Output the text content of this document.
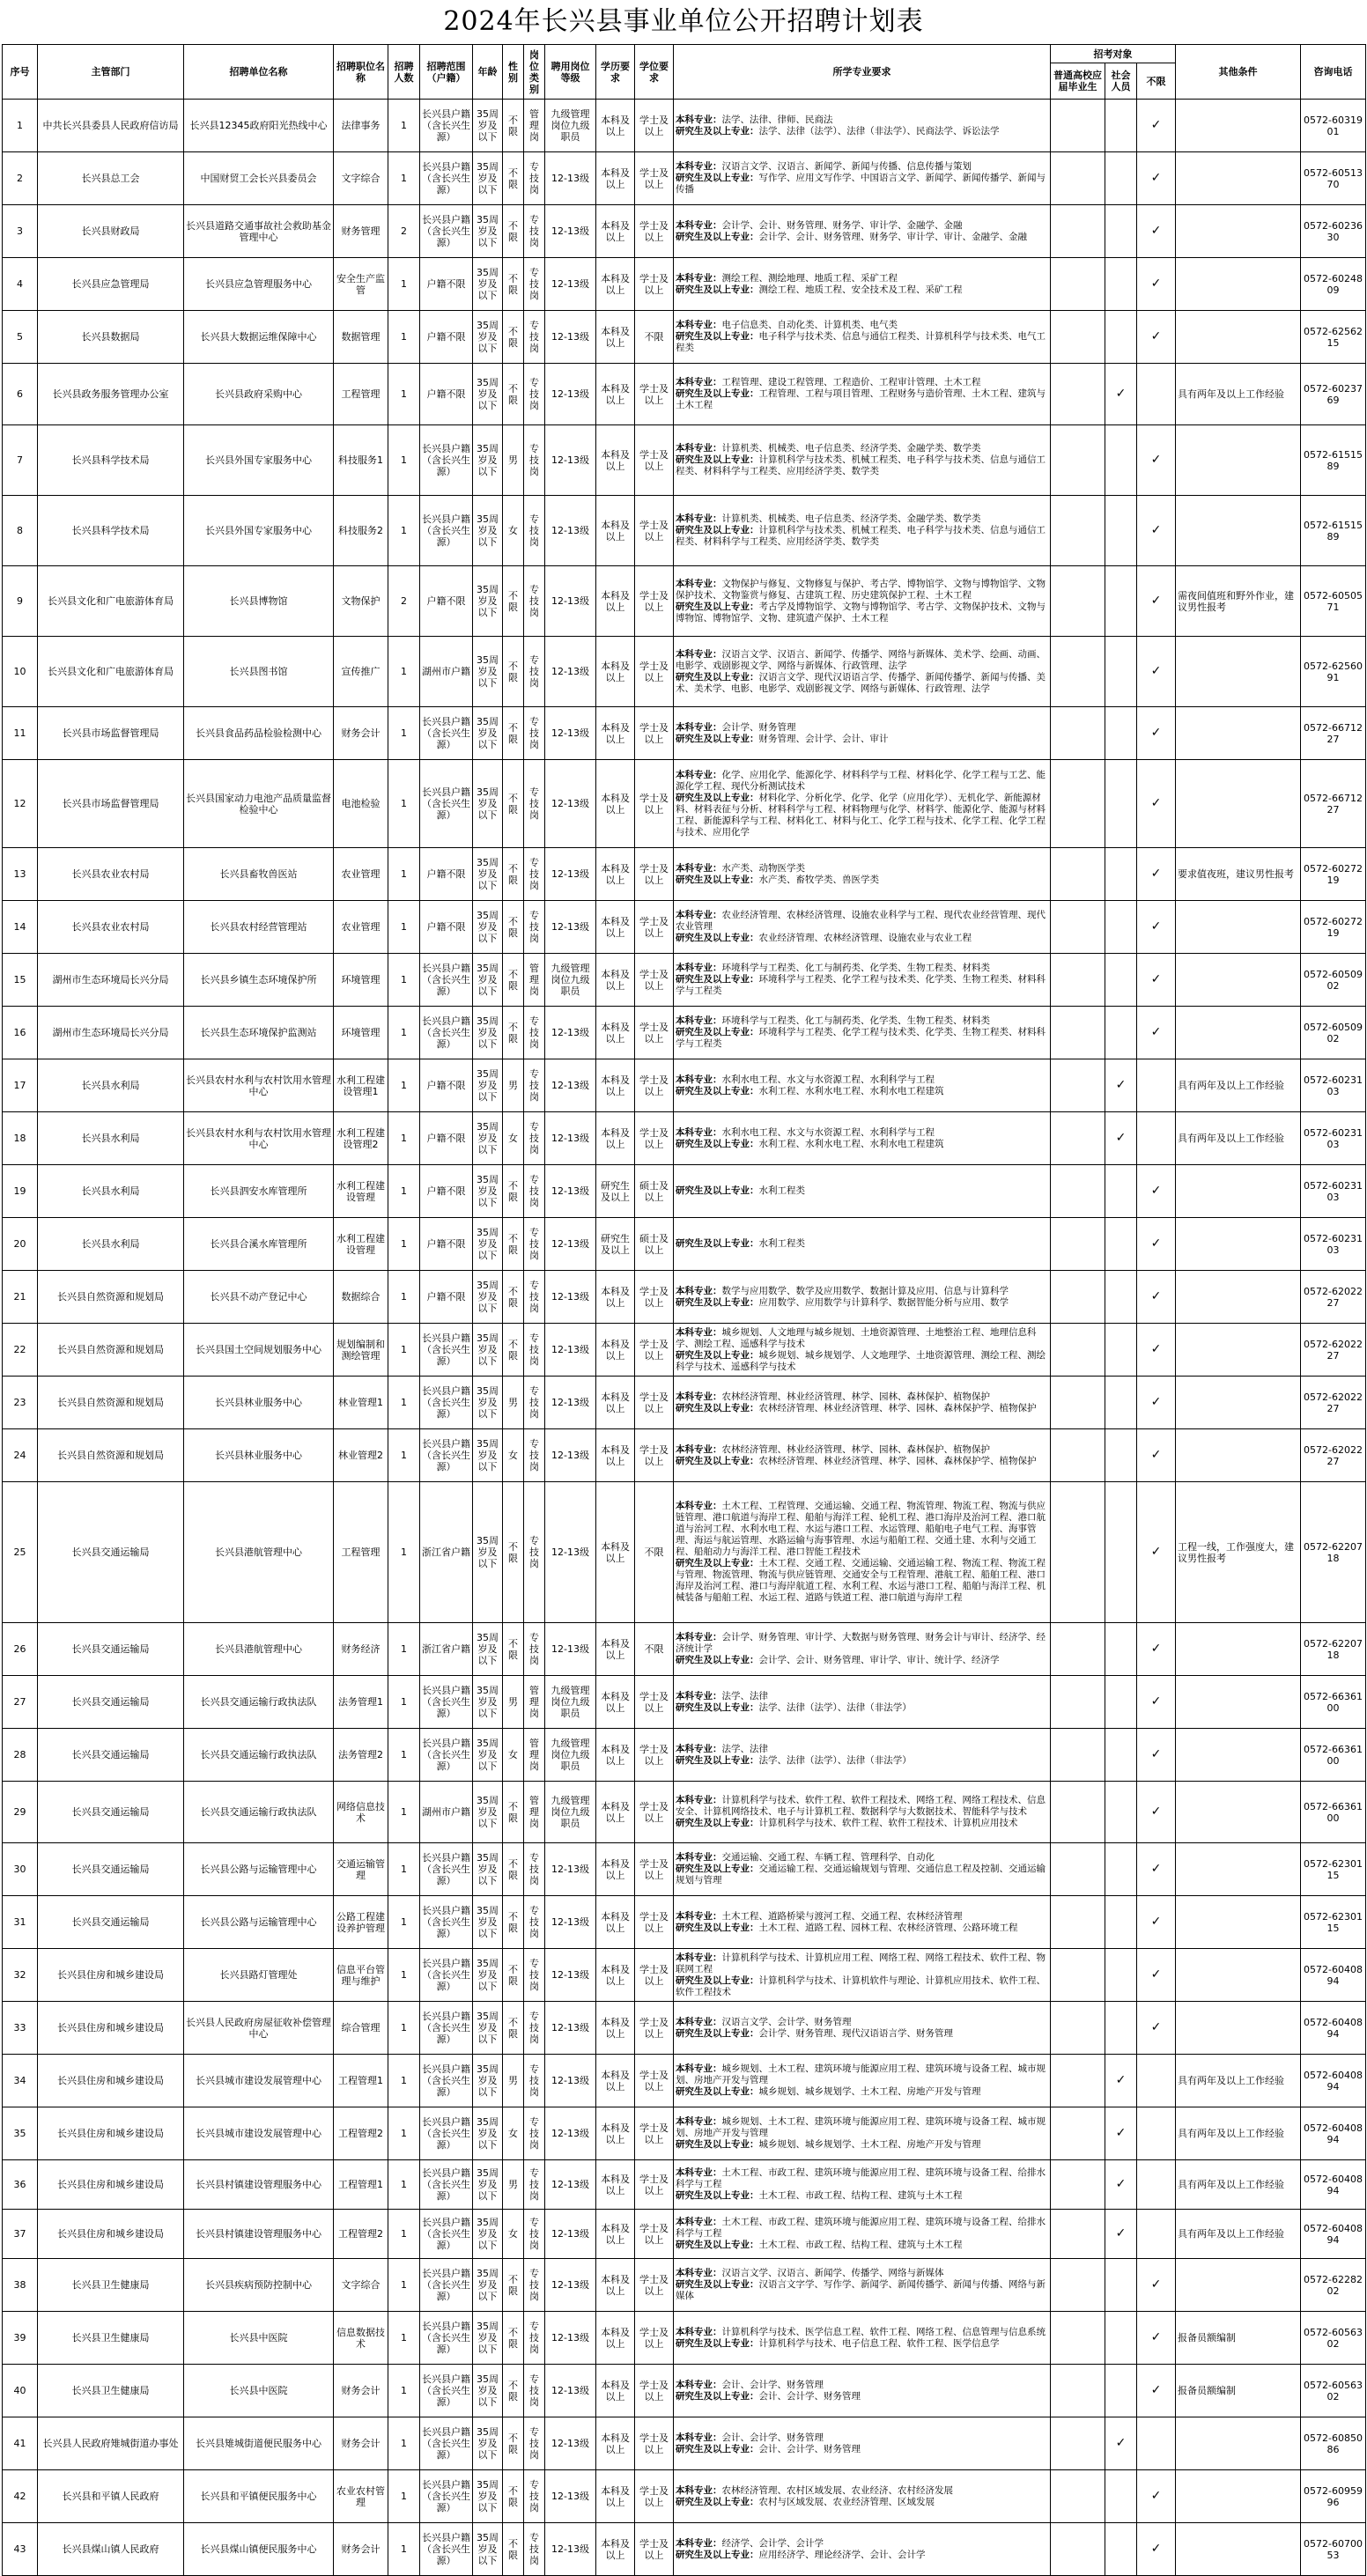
2024年长兴县事业单位公开招聘计划表
序号	主管部门	招聘单位名称	招聘职位名称	招聘人数	招聘范围（户籍）	年龄	性别	岗位类别	聘用岗位等级	学历要求	学位要求	所学专业要求	招考对象			其他条件	咨询电话
													普通高校应届毕业生	社会人员	不限		
1	中共长兴县委县人民政府信访局	长兴县12345政府阳光热线中心	法律事务	1	长兴县户籍（含长兴生源）	35周岁及以下	不限	管理岗	九级管理岗位九级职员	本科及以上	学士及以上	本科专业：法学、法律、律师、民商法
研究生及以上专业：法学、法律（法学）、法律（非法学）、民商法学、诉讼法学			✓		0572-6031901
2	长兴县总工会	中国财贸工会长兴县委员会	文字综合	1	长兴县户籍（含长兴生源）	35周岁及以下	不限	专技岗	12-13级	本科及以上	学士及以上	本科专业：汉语言文学、汉语言、新闻学、新闻与传播、信息传播与策划
研究生及以上专业：写作学、应用文写作学、中国语言文学、新闻学、新闻传播学、新闻与传播			✓		0572-6051370
3	长兴县财政局	长兴县道路交通事故社会救助基金管理中心	财务管理	2	长兴县户籍（含长兴生源）	35周岁及以下	不限	专技岗	12-13级	本科及以上	学士及以上	本科专业：会计学、会计、财务管理、财务学、审计学、金融学、金融
研究生及以上专业：会计学、会计、财务管理、财务学、审计学、审计、金融学、金融			✓		0572-6023630
4	长兴县应急管理局	长兴县应急管理服务中心	安全生产监管	1	户籍不限	35周岁及以下	不限	专技岗	12-13级	本科及以上	学士及以上	本科专业：测绘工程、测绘地理、地质工程、采矿工程
研究生及以上专业：测绘工程、地质工程、安全技术及工程、采矿工程			✓		0572-6024809
5	长兴县数据局	长兴县大数据运维保障中心	数据管理	1	户籍不限	35周岁及以下	不限	专技岗	12-13级	本科及以上	不限	本科专业：电子信息类、自动化类、计算机类、电气类
研究生及以上专业：电子科学与技术类、信息与通信工程类、计算机科学与技术类、电气工程类			✓		0572-6256215
6	长兴县政务服务管理办公室	长兴县政府采购中心	工程管理	1	户籍不限	35周岁及以下	不限	专技岗	12-13级	本科及以上	学士及以上	本科专业：工程管理、建设工程管理、工程造价、工程审计管理、土木工程
研究生及以上专业：工程管理、工程与项目管理、工程财务与造价管理、土木工程、建筑与土木工程		✓		具有两年及以上工作经验	0572-6023769
7	长兴县科学技术局	长兴县外国专家服务中心	科技服务1	1	长兴县户籍（含长兴生源）	35周岁及以下	男	专技岗	12-13级	本科及以上	学士及以上	本科专业：计算机类、机械类、电子信息类、经济学类、金融学类、数学类
研究生及以上专业：计算机科学与技术类、机械工程类、电子科学与技术类、信息与通信工程类、材料科学与工程类、应用经济学类、数学类			✓		0572-6151589
8	长兴县科学技术局	长兴县外国专家服务中心	科技服务2	1	长兴县户籍（含长兴生源）	35周岁及以下	女	专技岗	12-13级	本科及以上	学士及以上	本科专业：计算机类、机械类、电子信息类、经济学类、金融学类、数学类
研究生及以上专业：计算机科学与技术类、机械工程类、电子科学与技术类、信息与通信工程类、材料科学与工程类、应用经济学类、数学类			✓		0572-6151589
9	长兴县文化和广电旅游体育局	长兴县博物馆	文物保护	2	户籍不限	35周岁及以下	不限	专技岗	12-13级	本科及以上	学士及以上	本科专业：文物保护与修复、文物修复与保护、考古学、博物馆学、文物与博物馆学、文物保护技术、文物鉴赏与修复、古建筑工程、历史建筑保护工程、土木工程
研究生及以上专业：考古学及博物馆学、文物与博物馆学、考古学、文物保护技术、文物与博物馆、博物馆学、文物、建筑遗产保护、土木工程			✓	需夜间值班和野外作业，建议男性报考	0572-6050571
10	长兴县文化和广电旅游体育局	长兴县图书馆	宣传推广	1	湖州市户籍	35周岁及以下	不限	专技岗	12-13级	本科及以上	学士及以上	本科专业：汉语言文学、汉语言、新闻学、传播学、网络与新媒体、美术学、绘画、动画、电影学、戏剧影视文学、网络与新媒体、行政管理、法学
研究生及以上专业：汉语言文学、现代汉语语言学、传播学、新闻传播学、新闻与传播、美术、美术学、电影、电影学、戏剧影视文学、网络与新媒体、行政管理、法学			✓		0572-6256091
11	长兴县市场监督管理局	长兴县食品药品检验检测中心	财务会计	1	长兴县户籍（含长兴生源）	35周岁及以下	不限	专技岗	12-13级	本科及以上	学士及以上	本科专业：会计学、财务管理
研究生及以上专业：财务管理、会计学、会计、审计			✓		0572-6671227
12	长兴县市场监督管理局	长兴县国家动力电池产品质量监督检验中心	电池检验	1	长兴县户籍（含长兴生源）	35周岁及以下	不限	专技岗	12-13级	本科及以上	学士及以上	本科专业：化学、应用化学、能源化学、材料科学与工程、材料化学、化学工程与工艺、能源化学工程、现代分析测试技术
研究生及以上专业：材料化学、分析化学、化学、化学（应用化学）、无机化学、新能源材料、材料表征与分析、材料科学与工程、材料物理与化学、材料学、能源化学、能源与材料工程、新能源科学与工程、材料化工、材料与化工、化学工程与技术、化学工程、化学工程与技术、应用化学			✓		0572-6671227
13	长兴县农业农村局	长兴县畜牧兽医站	农业管理	1	户籍不限	35周岁及以下	不限	专技岗	12-13级	本科及以上	学士及以上	本科专业：水产类、动物医学类
研究生及以上专业：水产类、畜牧学类、兽医学类			✓	要求值夜班，建议男性报考	0572-6027219
14	长兴县农业农村局	长兴县农村经营管理站	农业管理	1	户籍不限	35周岁及以下	不限	专技岗	12-13级	本科及以上	学士及以上	本科专业：农业经济管理、农林经济管理、设施农业科学与工程、现代农业经营管理、现代农业管理
研究生及以上专业：农业经济管理、农林经济管理、设施农业与农业工程			✓		0572-6027219
15	湖州市生态环境局长兴分局	长兴县乡镇生态环境保护所	环境管理	1	长兴县户籍（含长兴生源）	35周岁及以下	不限	管理岗	九级管理岗位九级职员	本科及以上	学士及以上	本科专业：环境科学与工程类、化工与制药类、化学类、生物工程类、材料类
研究生及以上专业：环境科学与工程类、化学工程与技术类、化学类、生物工程类、材料科学与工程类			✓		0572-6050902
16	湖州市生态环境局长兴分局	长兴县生态环境保护监测站	环境管理	1	长兴县户籍（含长兴生源）	35周岁及以下	不限	专技岗	12-13级	本科及以上	学士及以上	本科专业：环境科学与工程类、化工与制药类、化学类、生物工程类、材料类
研究生及以上专业：环境科学与工程类、化学工程与技术类、化学类、生物工程类、材料科学与工程类			✓		0572-6050902
17	长兴县水利局	长兴县农村水利与农村饮用水管理中心	水利工程建设管理1	1	户籍不限	35周岁及以下	男	专技岗	12-13级	本科及以上	学士及以上	本科专业：水利水电工程、水文与水资源工程、水利科学与工程
研究生及以上专业：水利工程、水利水电工程、水利水电工程建筑		✓		具有两年及以上工作经验	0572-6023103
18	长兴县水利局	长兴县农村水利与农村饮用水管理中心	水利工程建设管理2	1	户籍不限	35周岁及以下	女	专技岗	12-13级	本科及以上	学士及以上	本科专业：水利水电工程、水文与水资源工程、水利科学与工程
研究生及以上专业：水利工程、水利水电工程、水利水电工程建筑		✓		具有两年及以上工作经验	0572-6023103
19	长兴县水利局	长兴县泗安水库管理所	水利工程建设管理	1	户籍不限	35周岁及以下	不限	专技岗	12-13级	研究生及以上	硕士及以上	研究生及以上专业：水利工程类			✓		0572-6023103
20	长兴县水利局	长兴县合溪水库管理所	水利工程建设管理	1	户籍不限	35周岁及以下	不限	专技岗	12-13级	研究生及以上	硕士及以上	研究生及以上专业：水利工程类			✓		0572-6023103
21	长兴县自然资源和规划局	长兴县不动产登记中心	数据综合	1	户籍不限	35周岁及以下	不限	专技岗	12-13级	本科及以上	学士及以上	本科专业：数学与应用数学、数学及应用数学、数据计算及应用、信息与计算科学
研究生及以上专业：应用数学、应用数学与计算科学、数据智能分析与应用、数学			✓		0572-6202227
22	长兴县自然资源和规划局	长兴县国土空间规划服务中心	规划编制和测绘管理	1	长兴县户籍（含长兴生源）	35周岁及以下	不限	专技岗	12-13级	本科及以上	学士及以上	本科专业：城乡规划、人文地理与城乡规划、土地资源管理、土地整治工程、地理信息科学、测绘工程、遥感科学与技术
研究生及以上专业：城乡规划、城乡规划学、人文地理学、土地资源管理、测绘工程、测绘科学与技术、遥感科学与技术			✓		0572-6202227
23	长兴县自然资源和规划局	长兴县林业服务中心	林业管理1	1	长兴县户籍（含长兴生源）	35周岁及以下	男	专技岗	12-13级	本科及以上	学士及以上	本科专业：农林经济管理、林业经济管理、林学、园林、森林保护、植物保护
研究生及以上专业：农林经济管理、林业经济管理、林学、园林、森林保护学、植物保护			✓		0572-6202227
24	长兴县自然资源和规划局	长兴县林业服务中心	林业管理2	1	长兴县户籍（含长兴生源）	35周岁及以下	女	专技岗	12-13级	本科及以上	学士及以上	本科专业：农林经济管理、林业经济管理、林学、园林、森林保护、植物保护
研究生及以上专业：农林经济管理、林业经济管理、林学、园林、森林保护学、植物保护			✓		0572-6202227
25	长兴县交通运输局	长兴县港航管理中心	工程管理	1	浙江省户籍	35周岁及以下	不限	专技岗	12-13级	本科及以上	不限	本科专业：土木工程、工程管理、交通运输、交通工程、物流管理、物流工程、物流与供应链管理、港口航道与海岸工程、船舶与海洋工程、轮机工程、港口海岸及治河工程、港口航道与治河工程、水利水电工程、水运与港口工程、水运管理、船舶电子电气工程、海事管理、海运与航运管理、水路运输与海事管理、水运与船舶工程、交通土建、水利与交通工程、船舶动力与海洋工程、港口智能工程技术
研究生及以上专业：土木工程、交通工程、交通运输、交通运输工程、物流工程、物流工程与管理、物流管理、物流与供应链管理、交通安全与工程管理、港航工程、船舶工程、港口海岸及治河工程、港口与海岸航道工程、水利工程、水运与港口工程、船舶与海洋工程、机械装备与船舶工程、水运工程、道路与铁道工程、港口航道与海岸工程			✓	工程一线，工作强度大，建议男性报考	0572-6220718
26	长兴县交通运输局	长兴县港航管理中心	财务经济	1	浙江省户籍	35周岁及以下	不限	专技岗	12-13级	本科及以上	不限	本科专业：会计学、财务管理、审计学、大数据与财务管理、财务会计与审计、经济学、经济统计学
研究生及以上专业：会计学、会计、财务管理、审计学、审计、统计学、经济学			✓		0572-6220718
27	长兴县交通运输局	长兴县交通运输行政执法队	法务管理1	1	长兴县户籍（含长兴生源）	35周岁及以下	男	管理岗	九级管理岗位九级职员	本科及以上	学士及以上	本科专业：法学、法律
研究生及以上专业：法学、法律（法学）、法律（非法学）			✓		0572-6636100
28	长兴县交通运输局	长兴县交通运输行政执法队	法务管理2	1	长兴县户籍（含长兴生源）	35周岁及以下	女	管理岗	九级管理岗位九级职员	本科及以上	学士及以上	本科专业：法学、法律
研究生及以上专业：法学、法律（法学）、法律（非法学）			✓		0572-6636100
29	长兴县交通运输局	长兴县交通运输行政执法队	网络信息技术	1	湖州市户籍	35周岁及以下	不限	管理岗	九级管理岗位九级职员	本科及以上	学士及以上	本科专业：计算机科学与技术、软件工程、软件工程技术、网络工程、网络工程技术、信息安全、计算机网络技术、电子与计算机工程、数据科学与大数据技术、智能科学与技术
研究生及以上专业：计算机科学与技术、软件工程、软件工程技术、计算机应用技术			✓		0572-6636100
30	长兴县交通运输局	长兴县公路与运输管理中心	交通运输管理	1	长兴县户籍（含长兴生源）	35周岁及以下	不限	专技岗	12-13级	本科及以上	学士及以上	本科专业：交通运输、交通工程、车辆工程、管理科学、自动化
研究生及以上专业：交通运输工程、交通运输规划与管理、交通信息工程及控制、交通运输规划与管理			✓		0572-6230115
31	长兴县交通运输局	长兴县公路与运输管理中心	公路工程建设养护管理	1	长兴县户籍（含长兴生源）	35周岁及以下	不限	专技岗	12-13级	本科及以上	学士及以上	本科专业：土木工程、道路桥梁与渡河工程、交通工程、农林经济管理
研究生及以上专业：土木工程、道路工程、园林工程、农林经济管理、公路环境工程			✓		0572-6230115
32	长兴县住房和城乡建设局	长兴县路灯管理处	信息平台管理与维护	1	长兴县户籍（含长兴生源）	35周岁及以下	不限	专技岗	12-13级	本科及以上	学士及以上	本科专业：计算机科学与技术、计算机应用工程、网络工程、网络工程技术、软件工程、物联网工程
研究生及以上专业：计算机科学与技术、计算机软件与理论、计算机应用技术、软件工程、软件工程技术			✓		0572-6040894
33	长兴县住房和城乡建设局	长兴县人民政府房屋征收补偿管理中心	综合管理	1	长兴县户籍（含长兴生源）	35周岁及以下	不限	专技岗	12-13级	本科及以上	学士及以上	本科专业：汉语言文学、会计学、财务管理
研究生及以上专业：会计学、财务管理、现代汉语语言学、财务管理			✓		0572-6040894
34	长兴县住房和城乡建设局	长兴县城市建设发展管理中心	工程管理1	1	长兴县户籍（含长兴生源）	35周岁及以下	男	专技岗	12-13级	本科及以上	学士及以上	本科专业：城乡规划、土木工程、建筑环境与能源应用工程、建筑环境与设备工程、城市规划、房地产开发与管理
研究生及以上专业：城乡规划、城乡规划学、土木工程、房地产开发与管理		✓		具有两年及以上工作经验	0572-6040894
35	长兴县住房和城乡建设局	长兴县城市建设发展管理中心	工程管理2	1	长兴县户籍（含长兴生源）	35周岁及以下	女	专技岗	12-13级	本科及以上	学士及以上	本科专业：城乡规划、土木工程、建筑环境与能源应用工程、建筑环境与设备工程、城市规划、房地产开发与管理
研究生及以上专业：城乡规划、城乡规划学、土木工程、房地产开发与管理		✓		具有两年及以上工作经验	0572-6040894
36	长兴县住房和城乡建设局	长兴县村镇建设管理服务中心	工程管理1	1	长兴县户籍（含长兴生源）	35周岁及以下	男	专技岗	12-13级	本科及以上	学士及以上	本科专业：土木工程、市政工程、建筑环境与能源应用工程、建筑环境与设备工程、给排水科学与工程
研究生及以上专业：土木工程、市政工程、结构工程、建筑与土木工程		✓		具有两年及以上工作经验	0572-6040894
37	长兴县住房和城乡建设局	长兴县村镇建设管理服务中心	工程管理2	1	长兴县户籍（含长兴生源）	35周岁及以下	女	专技岗	12-13级	本科及以上	学士及以上	本科专业：土木工程、市政工程、建筑环境与能源应用工程、建筑环境与设备工程、给排水科学与工程
研究生及以上专业：土木工程、市政工程、结构工程、建筑与土木工程		✓		具有两年及以上工作经验	0572-6040894
38	长兴县卫生健康局	长兴县疾病预防控制中心	文字综合	1	长兴县户籍（含长兴生源）	35周岁及以下	不限	专技岗	12-13级	本科及以上	学士及以上	本科专业：汉语言文学、汉语言、新闻学、传播学、网络与新媒体
研究生及以上专业：汉语言文字学、写作学、新闻学、新闻传播学、新闻与传播、网络与新媒体			✓		0572-6228202
39	长兴县卫生健康局	长兴县中医院	信息数据技术	1	长兴县户籍（含长兴生源）	35周岁及以下	不限	专技岗	12-13级	本科及以上	学士及以上	本科专业：计算机科学与技术、医学信息工程、软件工程、网络工程、信息管理与信息系统
研究生及以上专业：计算机科学与技术、电子信息工程、软件工程、医学信息学			✓	报备员额编制	0572-6056302
40	长兴县卫生健康局	长兴县中医院	财务会计	1	长兴县户籍（含长兴生源）	35周岁及以下	不限	专技岗	12-13级	本科及以上	学士及以上	本科专业：会计、会计学、财务管理
研究生及以上专业：会计、会计学、财务管理			✓	报备员额编制	0572-6056302
41	长兴县人民政府雉城街道办事处	长兴县雉城街道便民服务中心	财务会计	1	长兴县户籍（含长兴生源）	35周岁及以下	不限	专技岗	12-13级	本科及以上	学士及以上	本科专业：会计、会计学、财务管理
研究生及以上专业：会计、会计学、财务管理		✓			0572-6085086
42	长兴县和平镇人民政府	长兴县和平镇便民服务中心	农业农村管理	1	长兴县户籍（含长兴生源）	35周岁及以下	不限	专技岗	12-13级	本科及以上	学士及以上	本科专业：农林经济管理、农村区域发展、农业经济、农村经济发展
研究生及以上专业：农村与区域发展、农业经济管理、区域发展			✓		0572-6095996
43	长兴县煤山镇人民政府	长兴县煤山镇便民服务中心	财务会计	1	长兴县户籍（含长兴生源）	35周岁及以下	不限	专技岗	12-13级	本科及以上	学士及以上	本科专业：经济学、会计学、会计学
研究生及以上专业：应用经济学、理论经济学、会计、会计学			✓		0572-6070053
